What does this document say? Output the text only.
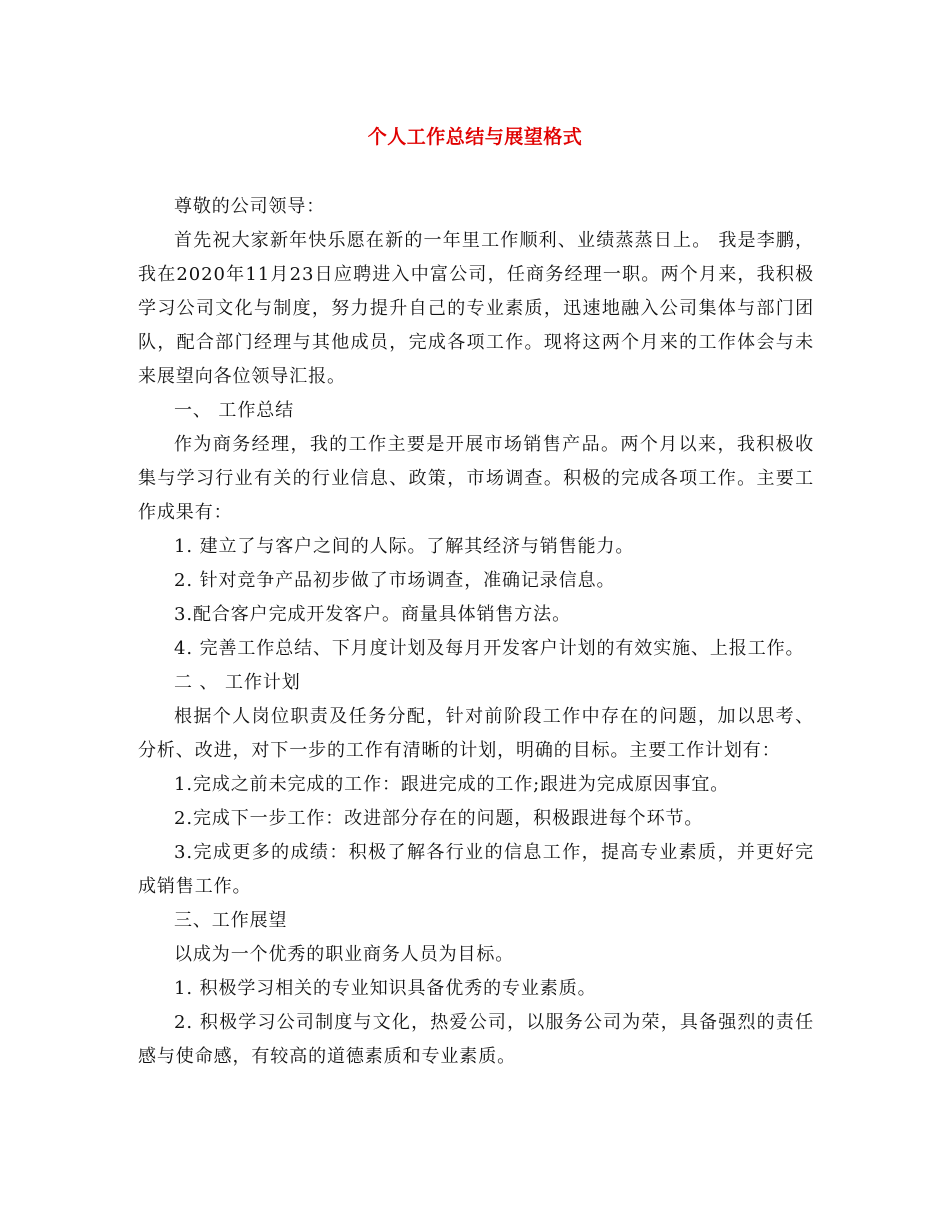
个人工作总结与展望格式

尊敬的公司领导：

首先祝大家新年快乐愿在新的一年里工作顺利、业绩蒸蒸日上。 我是李鹏，我在2020年11月23日应聘进入中富公司，任商务经理一职。两个月来，我积极学习公司文化与制度，努力提升自己的专业素质，迅速地融入公司集体与部门团队，配合部门经理与其他成员，完成各项工作。现将这两个月来的工作体会与未来展望向各位领导汇报。

一、 工作总结

作为商务经理，我的工作主要是开展市场销售产品。两个月以来，我积极收集与学习行业有关的行业信息、政策，市场调查。积极的完成各项工作。主要工作成果有：

1. 建立了与客户之间的人际。了解其经济与销售能力。

2. 针对竞争产品初步做了市场调查，准确记录信息。

3.配合客户完成开发客户。商量具体销售方法。

4. 完善工作总结、下月度计划及每月开发客户计划的有效实施、上报工作。

二 、 工作计划

根据个人岗位职责及任务分配，针对前阶段工作中存在的问题，加以思考、分析、改进，对下一步的工作有清晰的计划，明确的目标。主要工作计划有：

1.完成之前未完成的工作：跟进完成的工作;跟进为完成原因事宜。

2.完成下一步工作：改进部分存在的问题，积极跟进每个环节。

3.完成更多的成绩：积极了解各行业的信息工作，提高专业素质，并更好完成销售工作。

三、工作展望

以成为一个优秀的职业商务人员为目标。

1. 积极学习相关的专业知识具备优秀的专业素质。

2. 积极学习公司制度与文化，热爱公司，以服务公司为荣，具备强烈的责任感与使命感，有较高的道德素质和专业素质。
